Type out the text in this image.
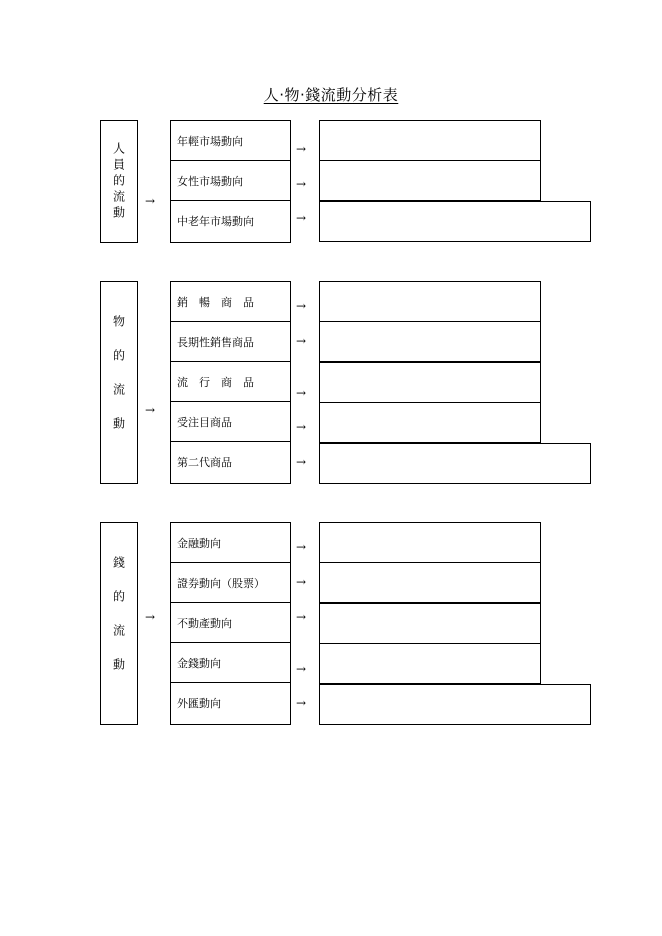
人‧物‧錢流動分析表
人員的流動 →
年輕市場動向
女性市場動向
中老年市場動向
→
→
→
物的流動 →
銷　暢　商　品
長期性銷售商品
流　行　商　品
受注目商品
第二代商品
→
→
→
→
→
錢的流動 →
金融動向
證券動向（股票）
不動產動向
金錢動向
外匯動向
→
→
→
→
→
